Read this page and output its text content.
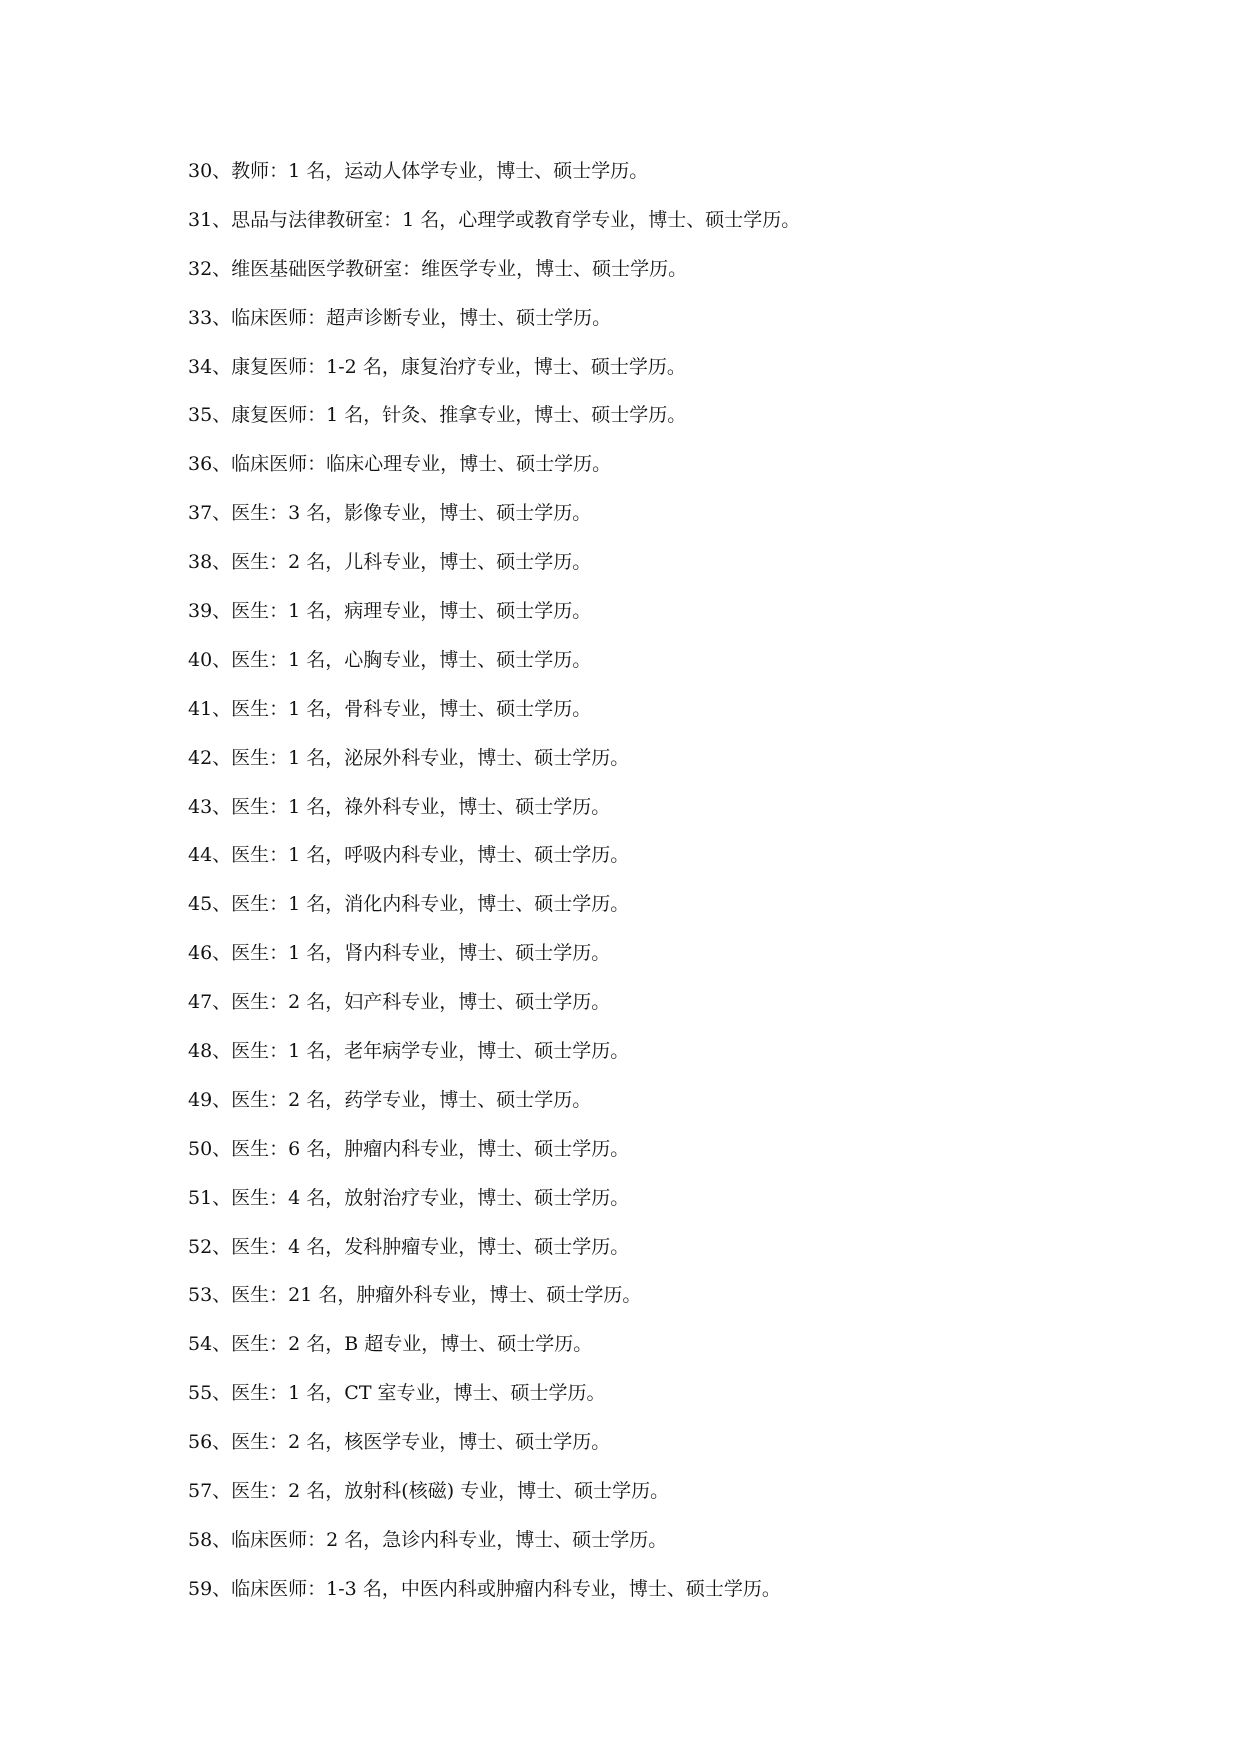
30、教师：1 名，运动人体学专业，博士、硕士学历。
31、思品与法律教研室：1 名，心理学或教育学专业，博士、硕士学历。
32、维医基础医学教研室：维医学专业，博士、硕士学历。
33、临床医师：超声诊断专业，博士、硕士学历。
34、康复医师：1-2 名，康复治疗专业，博士、硕士学历。
35、康复医师：1 名，针灸、推拿专业，博士、硕士学历。
36、临床医师：临床心理专业，博士、硕士学历。
37、医生：3 名，影像专业，博士、硕士学历。
38、医生：2 名，儿科专业，博士、硕士学历。
39、医生：1 名，病理专业，博士、硕士学历。
40、医生：1 名，心胸专业，博士、硕士学历。
41、医生：1 名，骨科专业，博士、硕士学历。
42、医生：1 名，泌尿外科专业，博士、硕士学历。
43、医生：1 名，祿外科专业，博士、硕士学历。
44、医生：1 名，呼吸内科专业，博士、硕士学历。
45、医生：1 名，消化内科专业，博士、硕士学历。
46、医生：1 名，肾内科专业，博士、硕士学历。
47、医生：2 名，妇产科专业，博士、硕士学历。
48、医生：1 名，老年病学专业，博士、硕士学历。
49、医生：2 名，药学专业，博士、硕士学历。
50、医生：6 名，肿瘤内科专业，博士、硕士学历。
51、医生：4 名，放射治疗专业，博士、硕士学历。
52、医生：4 名，发科肿瘤专业，博士、硕士学历。
53、医生：21 名，肿瘤外科专业，博士、硕士学历。
54、医生：2 名，B 超专业，博士、硕士学历。
55、医生：1 名，CT 室专业，博士、硕士学历。
56、医生：2 名，核医学专业，博士、硕士学历。
57、医生：2 名，放射科(核磁) 专业，博士、硕士学历。
58、临床医师：2 名，急诊内科专业，博士、硕士学历。
59、临床医师：1-3 名，中医内科或肿瘤内科专业，博士、硕士学历。
